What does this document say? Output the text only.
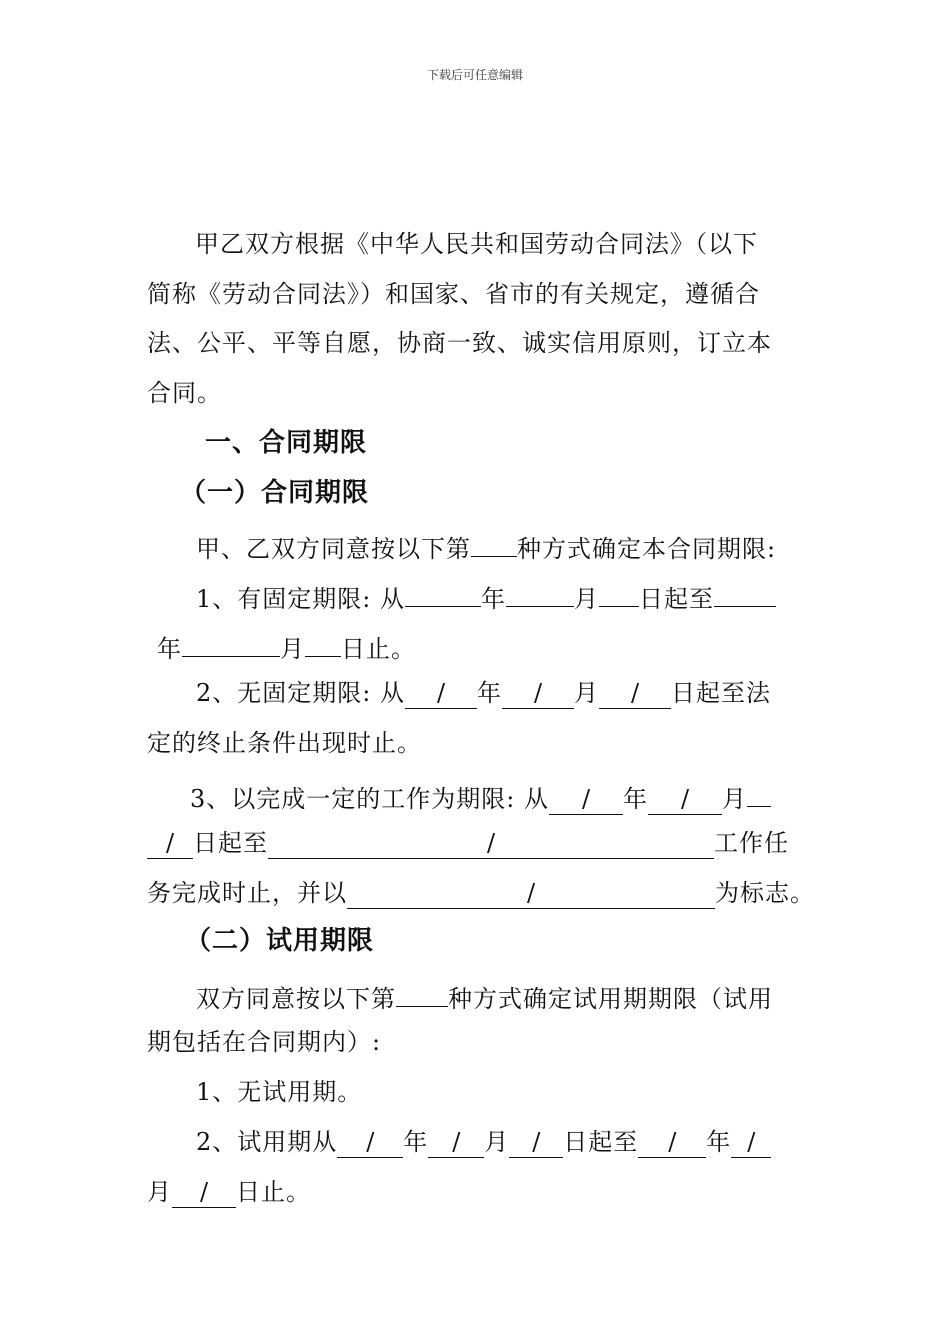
下载后可任意编辑
甲乙双方根据《中华人民共和国劳动合同法》（以下
简称《劳动合同法》）和国家、省市的有关规定，遵循合
法、公平、平等自愿，协商一致、诚实信用原则，订立本
合同。
一、合同期限
（一）合同期限
甲、乙双方同意按以下第 种方式确定本合同期限:
1、有固定期限: 从	年	月 日起至
年	月 日止。
2、无固定期限: 从 / 年 / 月 / 日起至法
定的终止条件出现时止。
3、以完成一定的工作为期限: 从 / 年 / 月
/ 日起至	/	工作任
务完成时止，并以	/	为标志。
（二）试用期限
双方同意按以下第 种方式确定试用期期限（试用
期包括在合同期内）:
1、无试用期。
2、试用期从 / 年 / 月 / 日起至 / 年 /
月 / 日止。
